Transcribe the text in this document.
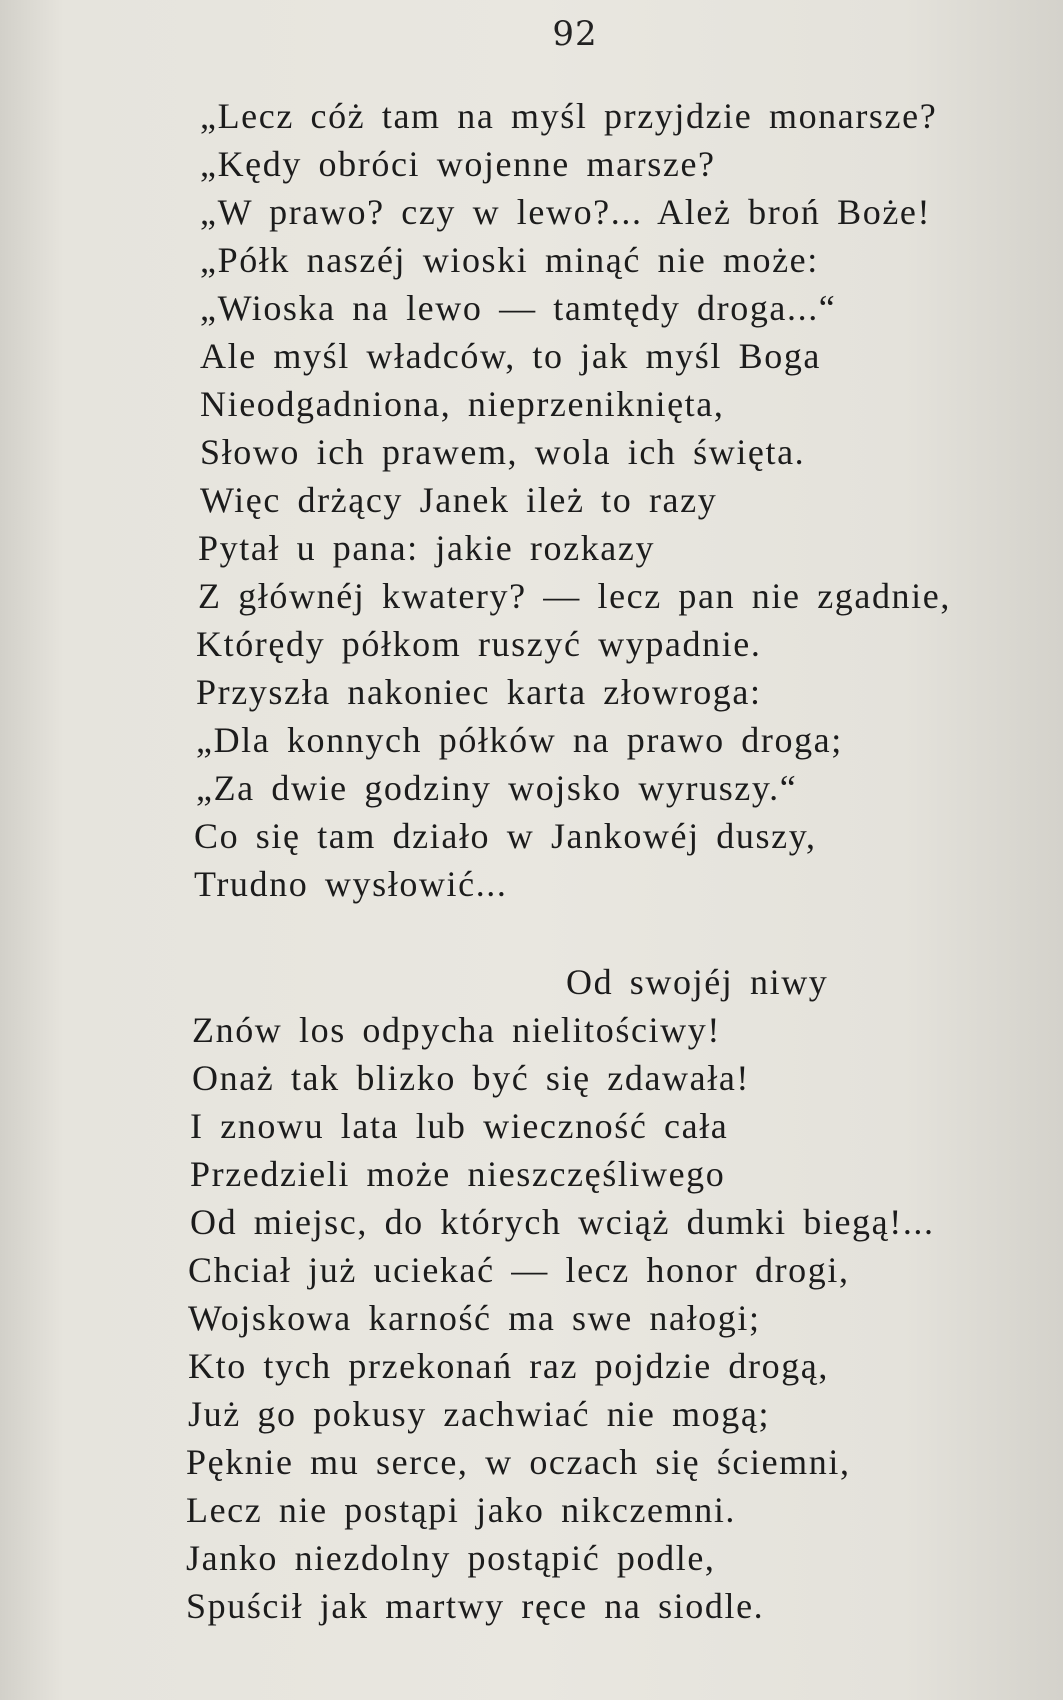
92
„Lecz cóż tam na myśl przyjdzie monarsze?
„Kędy obróci wojenne marsze?
„W prawo? czy w lewo?... Ależ broń Boże!
„Półk naszéj wioski minąć nie może:
„Wioska na lewo — tamtędy droga...“
Ale myśl władców, to jak myśl Boga
Nieodgadniona, nieprzeniknięta,
Słowo ich prawem, wola ich święta.
Więc drżący Janek ileż to razy
Pytał u pana: jakie rozkazy
Z głównéj kwatery? — lecz pan nie zgadnie,
Którędy półkom ruszyć wypadnie.
Przyszła nakoniec karta złowroga:
„Dla konnych półków na prawo droga;
„Za dwie godziny wojsko wyruszy.“
Co się tam działo w Jankowéj duszy,
Trudno wysłowić...
Od swojéj niwy
Znów los odpycha nielitościwy!
Onaż tak blizko być się zdawała!
I znowu lata lub wieczność cała
Przedzieli może nieszczęśliwego
Od miejsc, do których wciąż dumki biegą!...
Chciał już uciekać — lecz honor drogi,
Wojskowa karność ma swe nałogi;
Kto tych przekonań raz pojdzie drogą,
Już go pokusy zachwiać nie mogą;
Pęknie mu serce, w oczach się ściemni,
Lecz nie postąpi jako nikczemni.
Janko niezdolny postąpić podle,
Spuścił jak martwy ręce na siodle.
